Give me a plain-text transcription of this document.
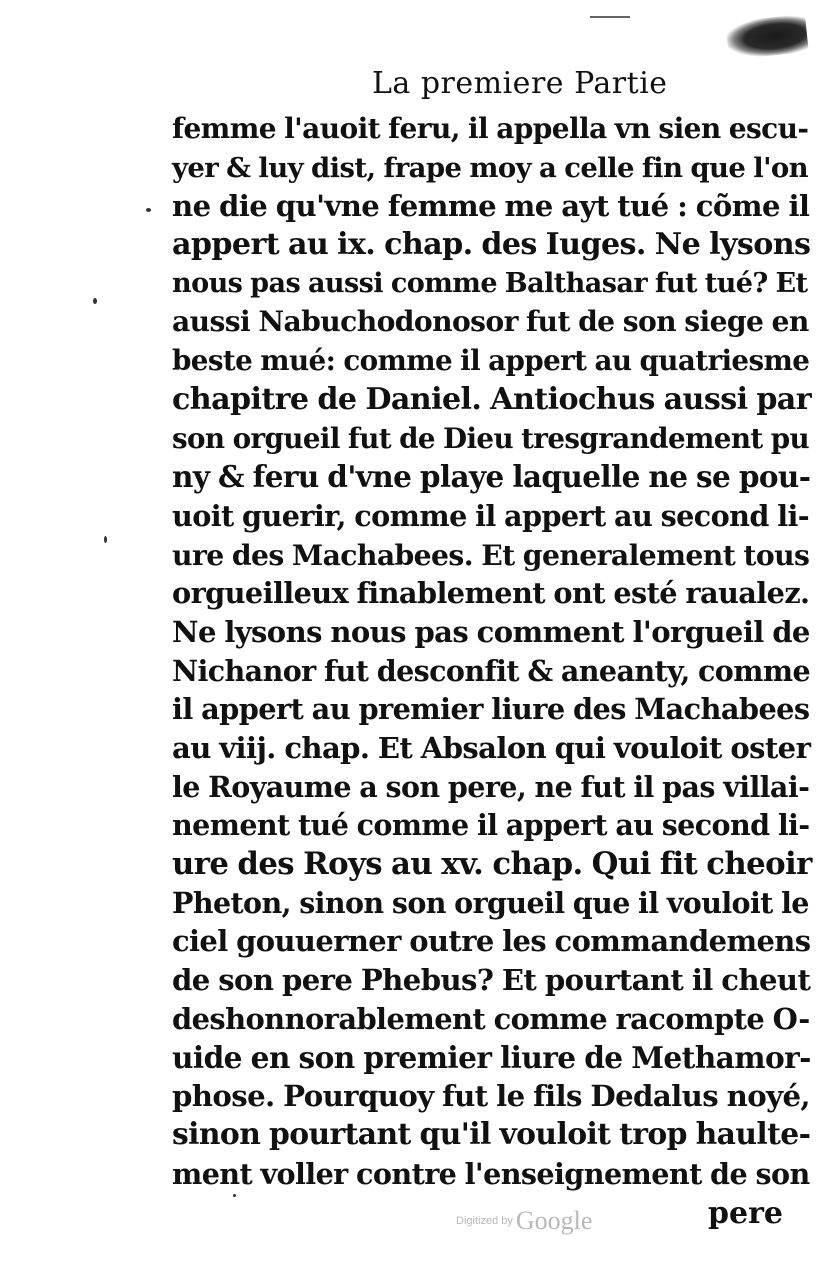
La premiere Partie
femme l'auoit feru, il appella vn sien escu-
yer & luy dist, frape moy a celle fin que l'on
ne die qu'vne femme me ayt tué : cõme il
appert au ix. chap. des Iuges. Ne lysons
nous pas aussi comme Balthasar fut tué? Et
aussi Nabuchodonosor fut de son siege en
beste mué: comme il appert au quatriesme
chapitre de Daniel. Antiochus aussi par
son orgueil fut de Dieu tresgrandement pu
ny & feru d'vne playe laquelle ne se pou-
uoit guerir, comme il appert au second li-
ure des Machabees. Et generalement tous
orgueilleux finablement ont esté raualez.
Ne lysons nous pas comment l'orgueil de
Nichanor fut desconfit & aneanty, comme
il appert au premier liure des Machabees
au viij. chap. Et Absalon qui vouloit oster
le Royaume a son pere, ne fut il pas villai-
nement tué comme il appert au second li-
ure des Roys au xv. chap. Qui fit cheoir
Pheton, sinon son orgueil que il vouloit le
ciel gouuerner outre les commandemens
de son pere Phebus? Et pourtant il cheut
deshonnorablement comme racompte O-
uide en son premier liure de Methamor-
phose. Pourquoy fut le fils Dedalus noyé,
sinon pourtant qu'il vouloit trop haulte-
ment voller contre l'enseignement de son
Digitized by Google	pere
